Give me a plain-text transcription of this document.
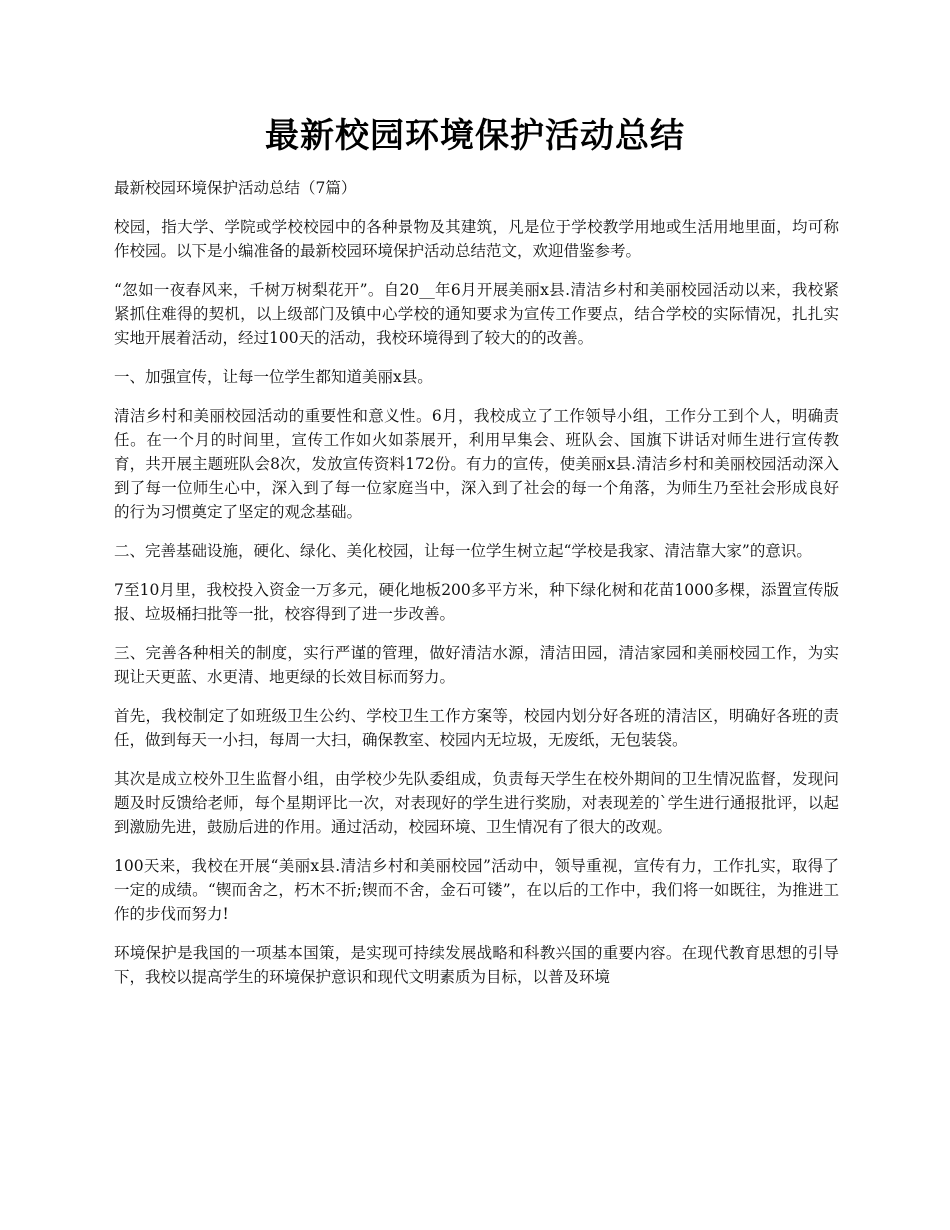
最新校园环境保护活动总结

最新校园环境保护活动总结（7篇）

校园，指大学、学院或学校校园中的各种景物及其建筑，凡是位于学校教学用地或生活用地里面，均可称作校园。以下是小编准备的最新校园环境保护活动总结范文，欢迎借鉴参考。

“忽如一夜春风来，千树万树梨花开”。自20__年6月开展美丽x县.清洁乡村和美丽校园活动以来，我校紧紧抓住难得的契机，以上级部门及镇中心学校的通知要求为宣传工作要点，结合学校的实际情况，扎扎实实地开展着活动，经过100天的活动，我校环境得到了较大的的改善。

一、加强宣传，让每一位学生都知道美丽x县。

清洁乡村和美丽校园活动的重要性和意义性。6月，我校成立了工作领导小组，工作分工到个人，明确责任。在一个月的时间里，宣传工作如火如荼展开，利用早集会、班队会、国旗下讲话对师生进行宣传教育，共开展主题班队会8次，发放宣传资料172份。有力的宣传，使美丽x县.清洁乡村和美丽校园活动深入到了每一位师生心中，深入到了每一位家庭当中，深入到了社会的每一个角落，为师生乃至社会形成良好的行为习惯奠定了坚定的观念基础。

二、完善基础设施，硬化、绿化、美化校园，让每一位学生树立起“学校是我家、清洁靠大家”的意识。

7至10月里，我校投入资金一万多元，硬化地板200多平方米，种下绿化树和花苗1000多棵，添置宣传版报、垃圾桶扫批等一批，校容得到了进一步改善。

三、完善各种相关的制度，实行严谨的管理，做好清洁水源，清洁田园，清洁家园和美丽校园工作，为实现让天更蓝、水更清、地更绿的长效目标而努力。

首先，我校制定了如班级卫生公约、学校卫生工作方案等，校园内划分好各班的清洁区，明确好各班的责任，做到每天一小扫，每周一大扫，确保教室、校园内无垃圾，无废纸，无包装袋。

其次是成立校外卫生监督小组，由学校少先队委组成，负责每天学生在校外期间的卫生情况监督，发现问题及时反馈给老师，每个星期评比一次，对表现好的学生进行奖励，对表现差的`学生进行通报批评，以起到激励先进，鼓励后进的作用。通过活动，校园环境、卫生情况有了很大的改观。

100天来，我校在开展“美丽x县.清洁乡村和美丽校园”活动中，领导重视，宣传有力，工作扎实，取得了一定的成绩。“锲而舍之，朽木不折;锲而不舍，金石可镂”，在以后的工作中，我们将一如既往，为推进工作的步伐而努力!

环境保护是我国的一项基本国策，是实现可持续发展战略和科教兴国的重要内容。在现代教育思想的引导下，我校以提高学生的环境保护意识和现代文明素质为目标，以普及环境
